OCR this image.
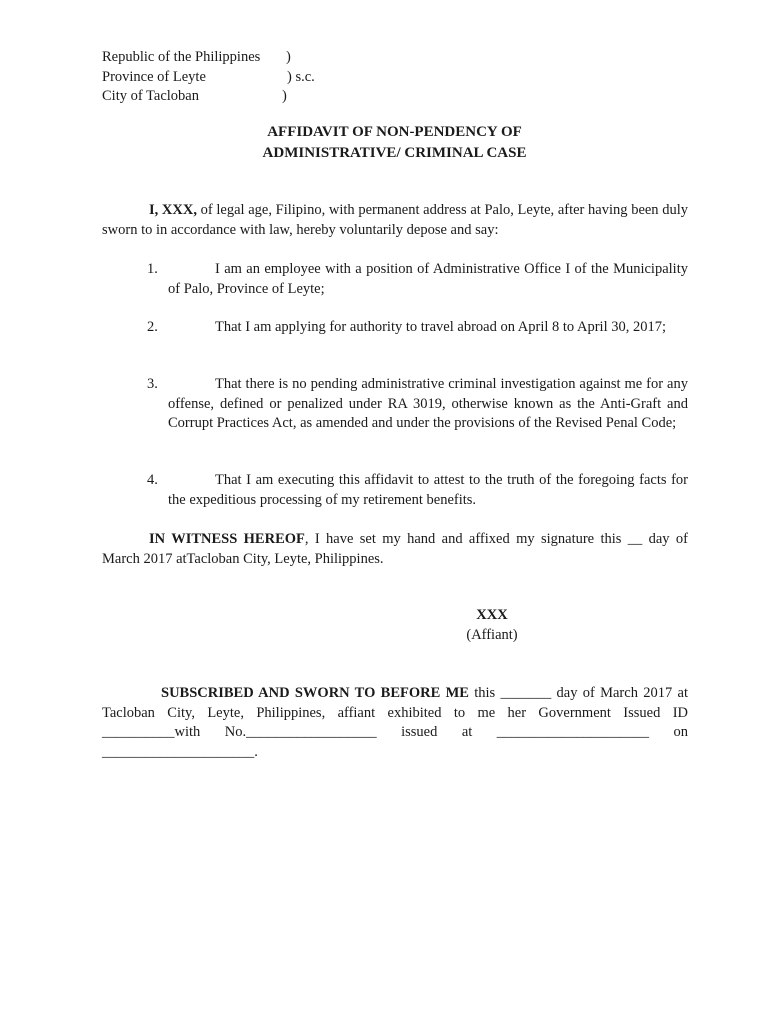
Republic of the Philippines )
Province of Leyte	) s.c.
City of Tacloban	)
AFFIDAVIT OF NON-PENDENCY OF
ADMINISTRATIVE/ CRIMINAL CASE
I, XXX, of legal age, Filipino, with permanent address at Palo, Leyte, after having been duly sworn to in accordance with law, hereby voluntarily depose and say:
1.	I am an employee with a position of Administrative Office I of the Municipality of Palo, Province of Leyte;
2.	That I am applying for authority to travel abroad on April 8 to April 30, 2017;
3.	That there is no pending administrative criminal investigation against me for any offense, defined or penalized under RA 3019, otherwise known as the Anti-Graft and Corrupt Practices Act, as amended and under the provisions of the Revised Penal Code;
4.	That I am executing this affidavit to attest to the truth of the foregoing facts for the expeditious processing of my retirement benefits.
IN WITNESS HEREOF, I have set my hand and affixed my signature this __ day of March 2017 atTacloban City, Leyte, Philippines.
XXX
(Affiant)
SUBSCRIBED AND SWORN TO BEFORE ME this _______ day of March 2017 at Tacloban City, Leyte, Philippines, affiant exhibited to me her Government Issued ID __________with No.__________________ issued at _____________________ on _____________________.
